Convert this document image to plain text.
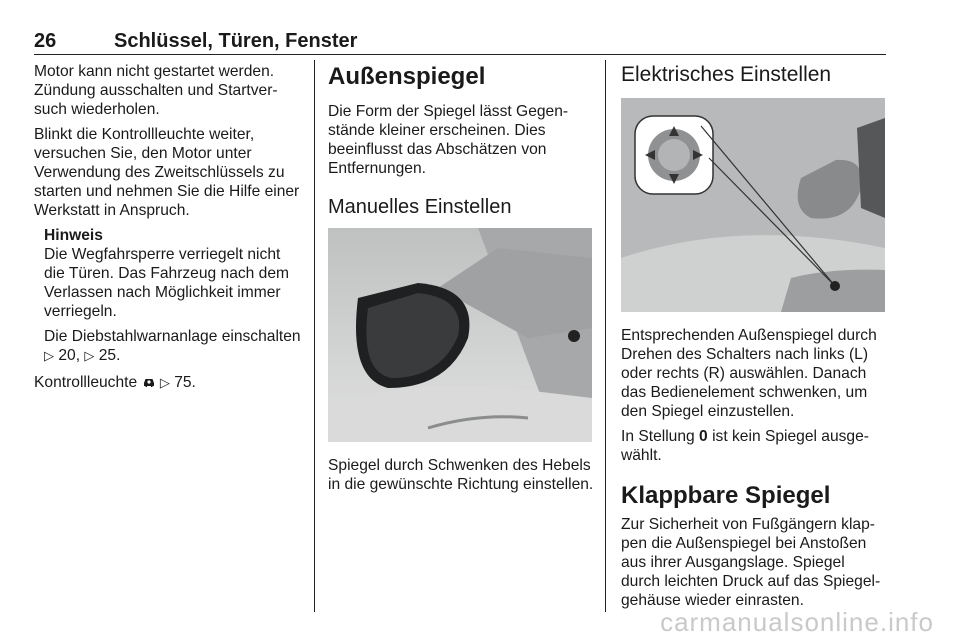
26	Schlüssel, Türen, Fenster

Motor kann nicht gestartet werden. Zündung ausschalten und Startversuch wiederholen.

Blinkt die Kontrollleuchte weiter, versuchen Sie, den Motor unter Verwendung des Zweitschlüssels zu starten und nehmen Sie die Hilfe einer Werkstatt in Anspruch.

Hinweis

Die Wegfahrsperre verriegelt nicht die Türen. Das Fahrzeug nach dem Verlassen nach Möglichkeit immer verriegeln.

Die Diebstahlwarnanlage einschalten ▷ 20, ▷ 25.

Kontrollleuchte ▷ 75.

Außenspiegel

Die Form der Spiegel lässt Gegenstände kleiner erscheinen. Dies beeinflusst das Abschätzen von Entfernungen.

Manuelles Einstellen

Spiegel durch Schwenken des Hebels in die gewünschte Richtung einstellen.

Elektrisches Einstellen

Entsprechenden Außenspiegel durch Drehen des Schalters nach links (L) oder rechts (R) auswählen. Danach das Bedienelement schwenken, um den Spiegel einzustellen.

In Stellung 0 ist kein Spiegel ausgewählt.

Klappbare Spiegel

Zur Sicherheit von Fußgängern klappen die Außenspiegel bei Anstoßen aus ihrer Ausgangslage. Spiegel durch leichten Druck auf das Spiegelgehäuse wieder einrasten.

carmanualsonline.info
